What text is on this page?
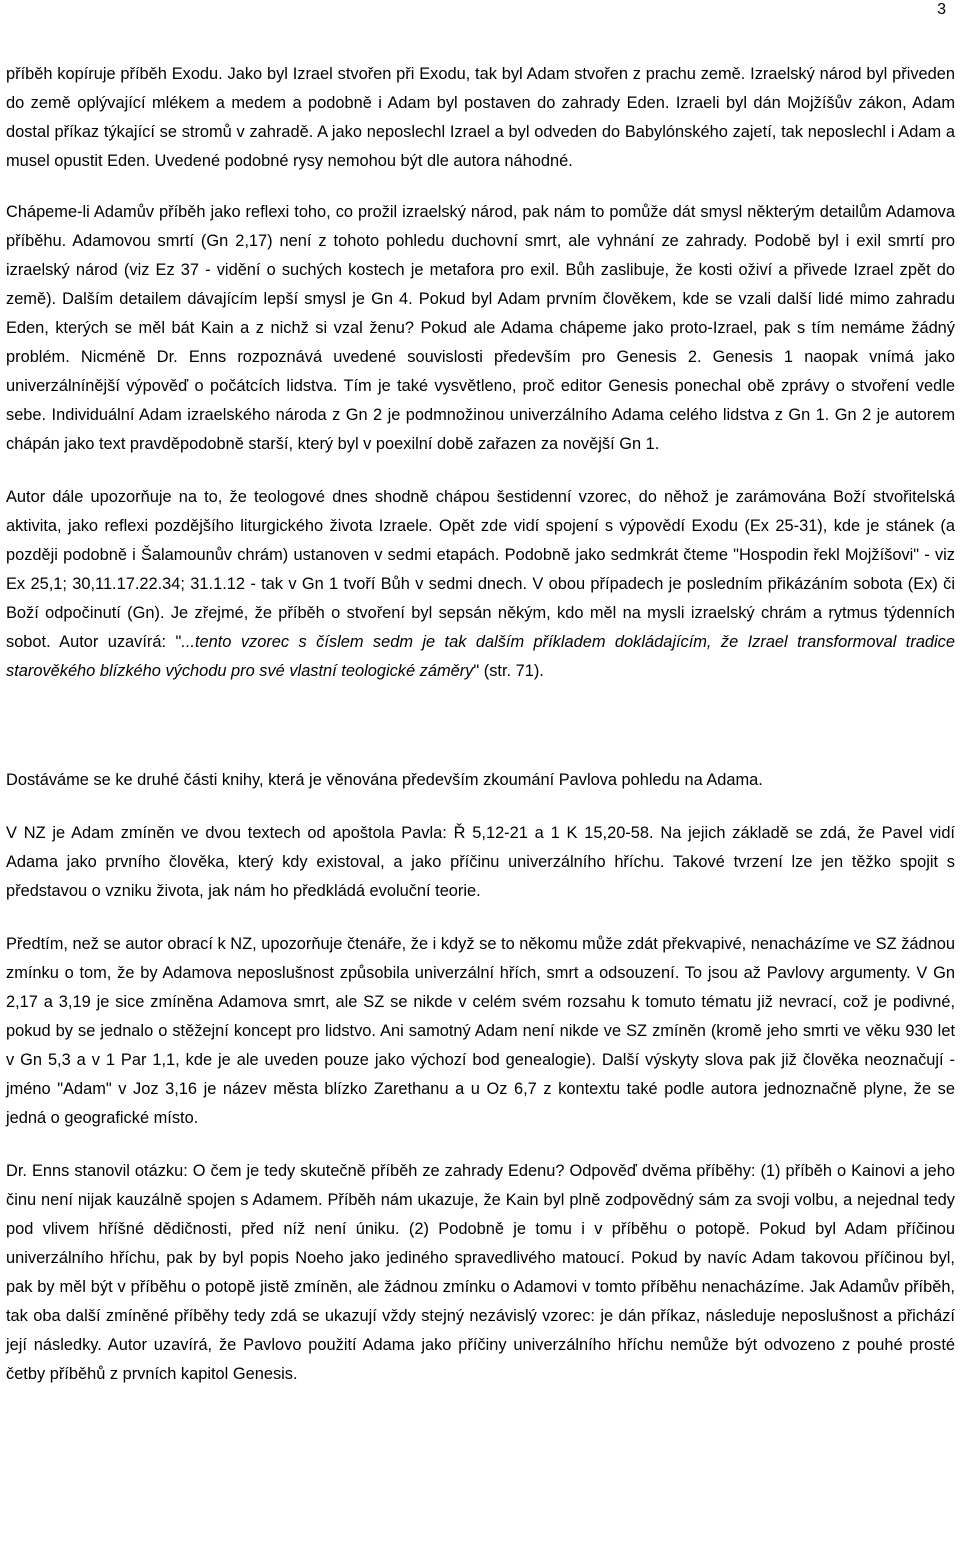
3

příběh kopíruje příběh Exodu. Jako byl Izrael stvořen při Exodu, tak byl Adam stvořen z prachu země. Izraelský národ byl přiveden do země oplývající mlékem a medem a podobně i Adam byl postaven do zahrady Eden. Izraeli byl dán Mojžíšův zákon, Adam dostal příkaz týkající se stromů v zahradě. A jako neposlechl Izrael a byl odveden do Babylónského zajetí, tak neposlechl i Adam a musel opustit Eden. Uvedené podobné rysy nemohou být dle autora náhodné.

Chápeme-li Adamův příběh jako reflexi toho, co prožil izraelský národ, pak nám to pomůže dát smysl některým detailům Adamova příběhu. Adamovou smrtí (Gn 2,17) není z tohoto pohledu duchovní smrt, ale vyhnání ze zahrady. Podobě byl i exil smrtí pro izraelský národ (viz Ez 37 - vidění o suchých kostech je metafora pro exil. Bůh zaslibuje, že kosti oživí a přivede Izrael zpět do země). Dalším detailem dávajícím lepší smysl je Gn 4. Pokud byl Adam prvním člověkem, kde se vzali další lidé mimo zahradu Eden, kterých se měl bát Kain a z nichž si vzal ženu? Pokud ale Adama chápeme jako proto-Izrael, pak s tím nemáme žádný problém. Nicméně Dr. Enns rozpoznává uvedené souvislosti především pro Genesis 2. Genesis 1 naopak vnímá jako univerzálnínější výpověď o počátcích lidstva. Tím je také vysvětleno, proč editor Genesis ponechal obě zprávy o stvoření vedle sebe. Individuální Adam izraelského národa z Gn 2 je podmnožinou univerzálního Adama celého lidstva z Gn 1. Gn 2 je autorem chápán jako text pravděpodobně starší, který byl v poexilní době zařazen za novější Gn 1.

Autor dále upozorňuje na to, že teologové dnes shodně chápou šestidenní vzorec, do něhož je zarámována Boží stvořitelská aktivita, jako reflexi pozdějšího liturgického života Izraele. Opět zde vidí spojení s výpovědí Exodu (Ex 25-31), kde je stánek (a později podobně i Šalamounův chrám) ustanoven v sedmi etapách. Podobně jako sedmkrát čteme "Hospodin řekl Mojžíšovi" - viz Ex 25,1; 30,11.17.22.34; 31.1.12 - tak v Gn 1 tvoří Bůh v sedmi dnech. V obou případech je posledním přikázáním sobota (Ex) či Boží odpočinutí (Gn). Je zřejmé, že příběh o stvoření byl sepsán někým, kdo měl na mysli izraelský chrám a rytmus týdenních sobot. Autor uzavírá: "...tento vzorec s číslem sedm je tak dalším příkladem dokládajícím, že Izrael transformoval tradice starověkého blízkého východu pro své vlastní teologické záměry" (str. 71).

Dostáváme se ke druhé části knihy, která je věnována především zkoumání Pavlova pohledu na Adama.

V NZ je Adam zmíněn ve dvou textech od apoštola Pavla: Ř 5,12-21 a 1 K 15,20-58. Na jejich základě se zdá, že Pavel vidí Adama jako prvního člověka, který kdy existoval, a jako příčinu univerzálního hříchu. Takové tvrzení lze jen těžko spojit s představou o vzniku života, jak nám ho předkládá evoluční teorie.

Předtím, než se autor obrací k NZ, upozorňuje čtenáře, že i když se to někomu může zdát překvapivé, nenacházíme ve SZ žádnou zmínku o tom, že by Adamova neposlušnost způsobila univerzální hřích, smrt a odsouzení. To jsou až Pavlovy argumenty. V Gn 2,17 a 3,19 je sice zmíněna Adamova smrt, ale SZ se nikde v celém svém rozsahu k tomuto tématu již nevrací, což je podivné, pokud by se jednalo o stěžejní koncept pro lidstvo. Ani samotný Adam není nikde ve SZ zmíněn (kromě jeho smrti ve věku 930 let v Gn 5,3 a v 1 Par 1,1, kde je ale uveden pouze jako výchozí bod genealogie). Další výskyty slova pak již člověka neoznačují - jméno "Adam" v Joz 3,16 je název města blízko Zarethanu a u Oz 6,7 z kontextu také podle autora jednoznačně plyne, že se jedná o geografické místo.

Dr. Enns stanovil otázku: O čem je tedy skutečně příběh ze zahrady Edenu? Odpověď dvěma příběhy: (1) příběh o Kainovi a jeho činu není nijak kauzálně spojen s Adamem. Příběh nám ukazuje, že Kain byl plně zodpovědný sám za svoji volbu, a nejednal tedy pod vlivem hříšné dědičnosti, před níž není úniku. (2) Podobně je tomu i v příběhu o potopě. Pokud byl Adam příčinou univerzálního hříchu, pak by byl popis Noeho jako jediného spravedlivého matoucí. Pokud by navíc Adam takovou příčinou byl, pak by měl být v příběhu o potopě jistě zmíněn, ale žádnou zmínku o Adamovi v tomto příběhu nenacházíme. Jak Adamův příběh, tak oba další zmíněné příběhy tedy zdá se ukazují vždy stejný nezávislý vzorec: je dán příkaz, následuje neposlušnost a přichází její následky. Autor uzavírá, že Pavlovo použití Adama jako příčiny univerzálního hříchu nemůže být odvozeno z pouhé prosté četby příběhů z prvních kapitol Genesis.
